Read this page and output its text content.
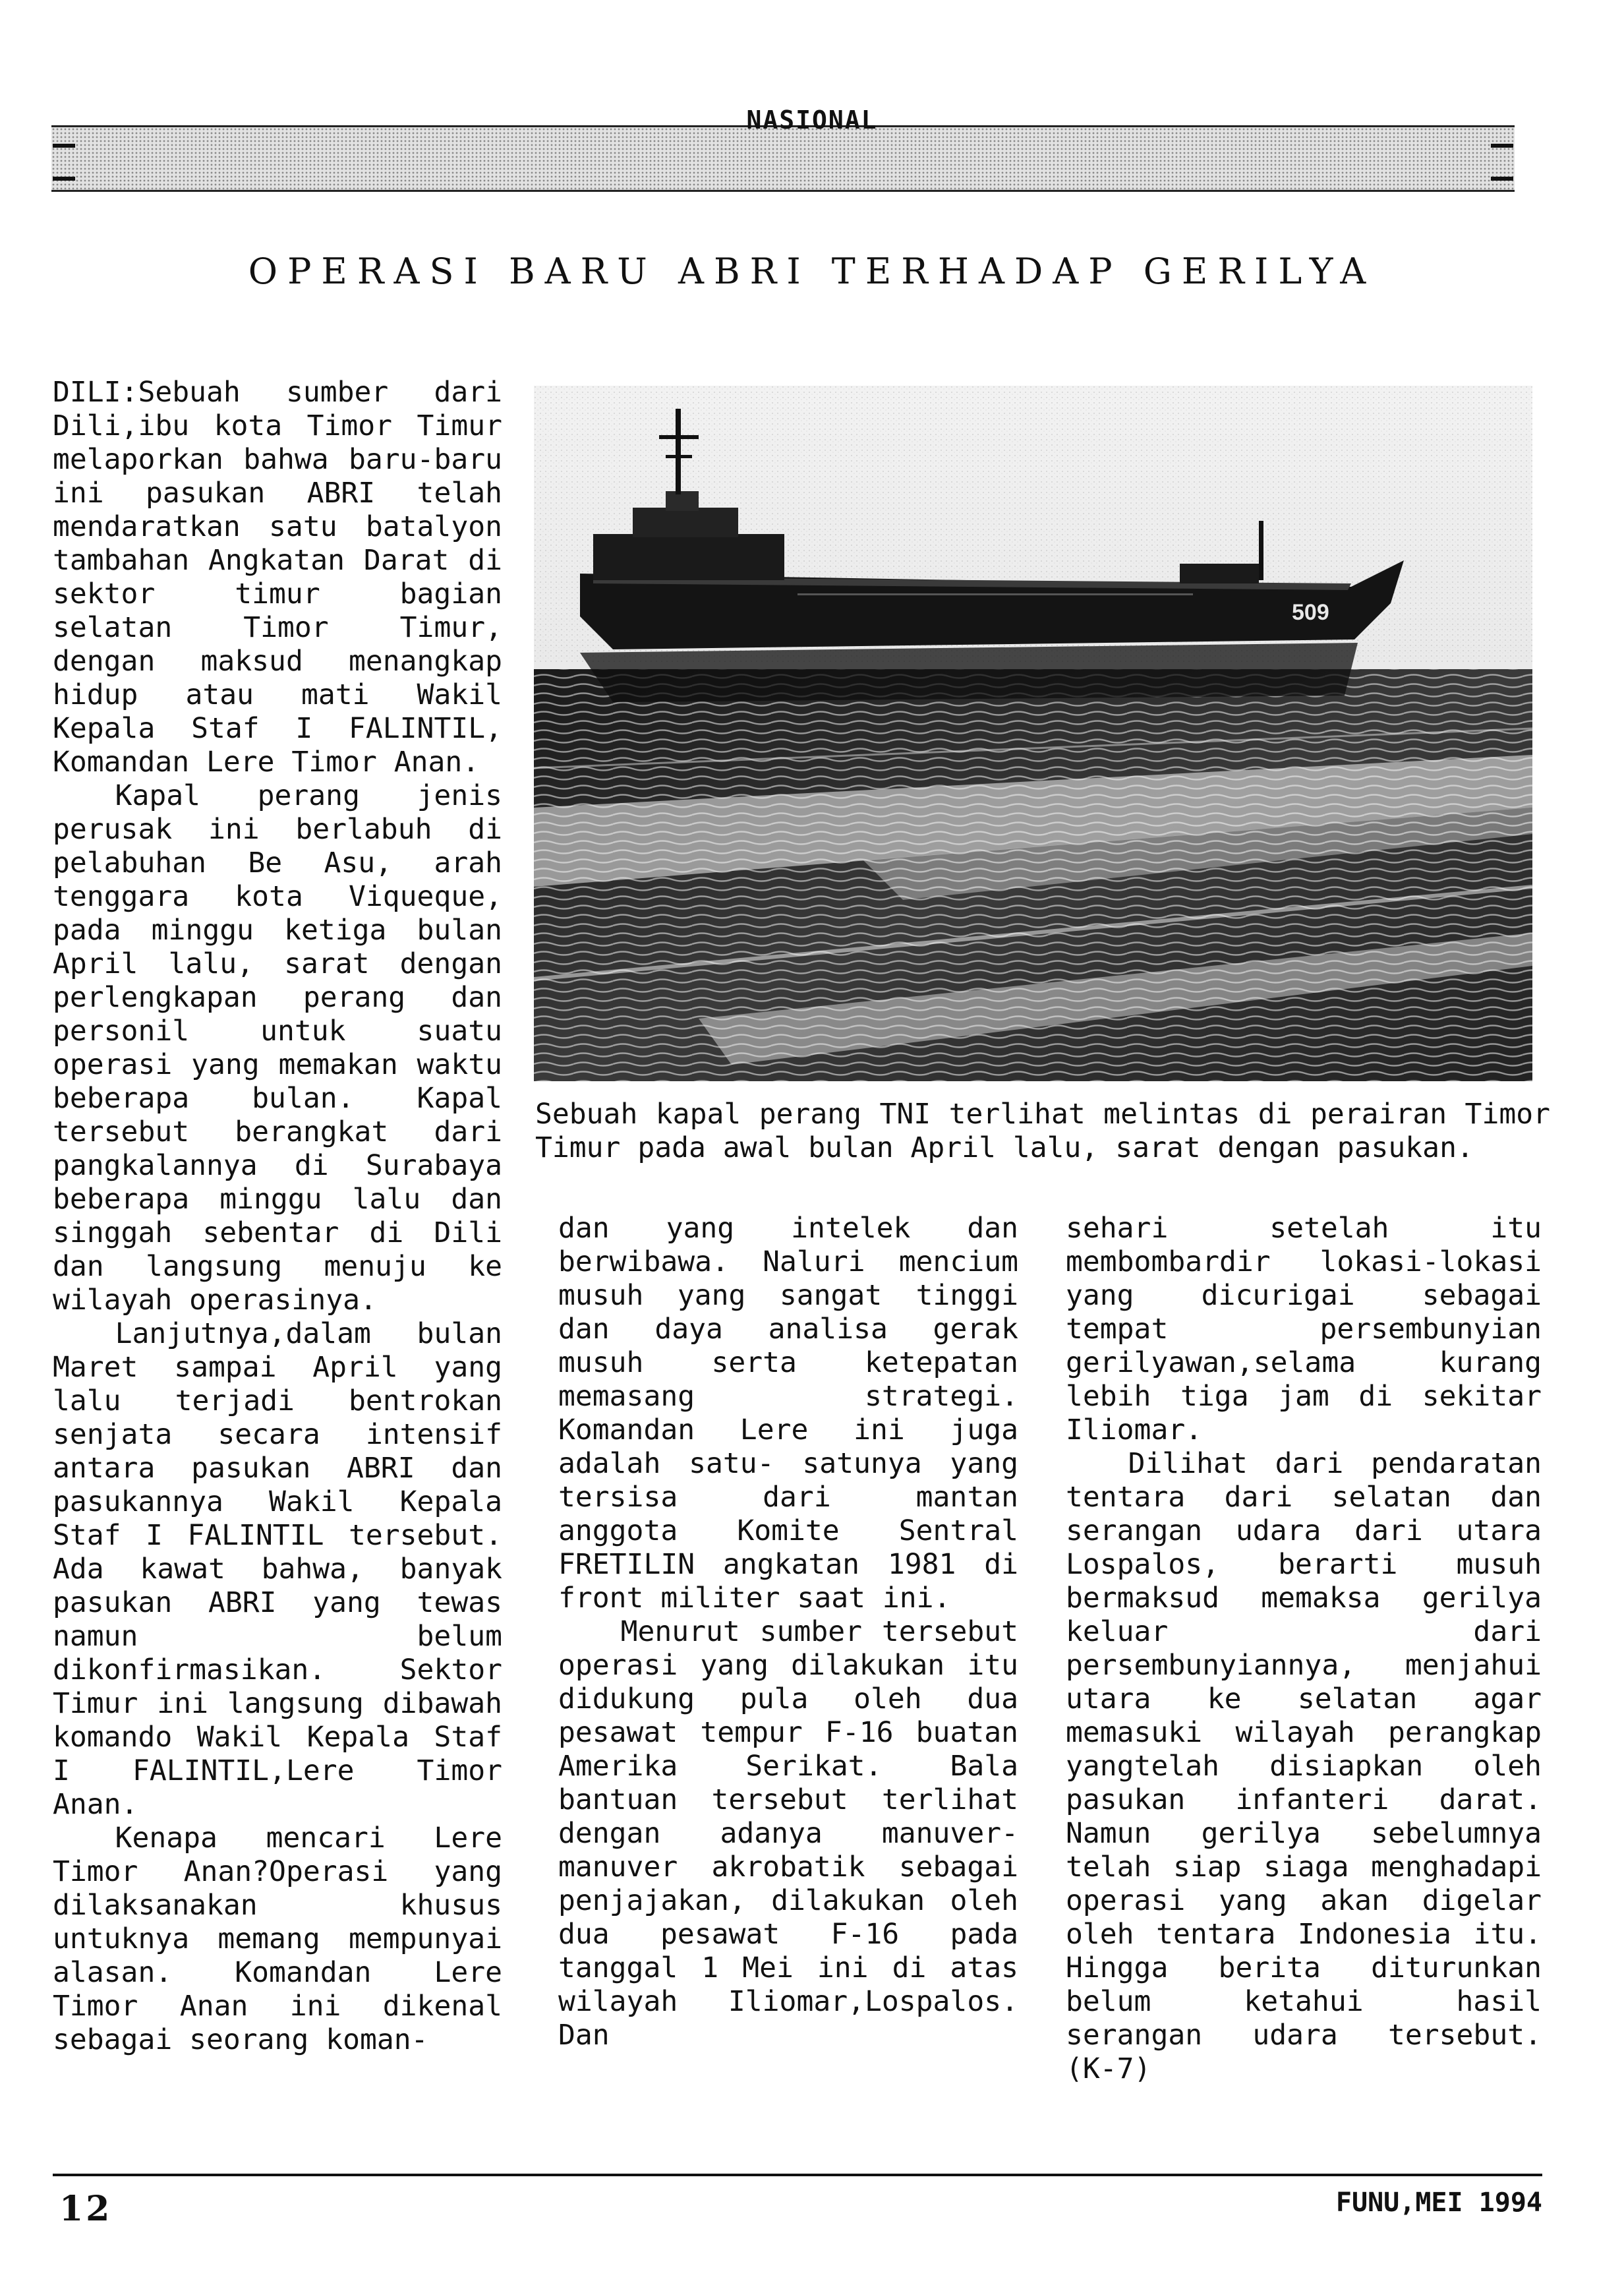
NASIONAL
OPERASI BARU ABRI TERHADAP GERILYA

DILI:Sebuah sumber dari Dili,ibu kota Timor Timur melaporkan bahwa baru-baru ini pasukan ABRI telah mendaratkan satu batalyon tambahan Angkatan Darat di sektor timur bagian selatan Timor Timur, dengan maksud menangkap hidup atau mati Wakil Kepala Staf I FALINTIL, Komandan Lere Timor Anan.

Kapal perang jenis perusak ini berlabuh di pelabuhan Be Asu, arah tenggara kota Viqueque, pada minggu ketiga bulan April lalu, sarat dengan perlengkapan perang dan personil untuk suatu operasi yang memakan waktu beberapa bulan. Kapal tersebut berangkat dari pangkalannya di Surabaya beberapa minggu lalu dan singgah sebentar di Dili dan langsung menuju ke wilayah operasinya.

Lanjutnya,dalam bulan Maret sampai April yang lalu terjadi bentrokan senjata secara intensif antara pasukan ABRI dan pasukannya Wakil Kepala Staf I FALINTIL tersebut. Ada kawat bahwa, banyak pasukan ABRI yang tewas namun belum dikonfirmasikan. Sektor Timur ini langsung dibawah komando Wakil Kepala Staf I FALINTIL,Lere Timor Anan.

Kenapa mencari Lere Timor Anan?Operasi yang dilaksanakan khusus untuknya memang mempunyai alasan. Komandan Lere Timor Anan ini dikenal sebagai seorang koman-

509
Sebuah kapal perang TNI terlihat melintas di perairan Timor Timur pada awal bulan April lalu, sarat dengan pasukan.

dan yang intelek dan berwibawa. Naluri mencium musuh yang sangat tinggi dan daya analisa gerak musuh serta ketepatan memasang strategi. Komandan Lere ini juga adalah satu- satunya yang tersisa dari mantan anggota Komite Sentral FRETILIN angkatan 1981 di front militer saat ini.

Menurut sumber tersebut operasi yang dilakukan itu didukung pula oleh dua pesawat tempur F-16 buatan Amerika Serikat. Bala bantuan tersebut terlihat dengan adanya manuver-manuver akrobatik sebagai penjajakan, dilakukan oleh dua pesawat F-16 pada tanggal 1 Mei ini di atas wilayah Iliomar,Lospalos. Dan

sehari setelah itu membombardir lokasi-lokasi yang dicurigai sebagai tempat persembunyian gerilyawan,selama kurang lebih tiga jam di sekitar Iliomar.

Dilihat dari pendaratan tentara dari selatan dan serangan udara dari utara Lospalos, berarti musuh bermaksud memaksa gerilya keluar dari persembunyiannya, menjahui utara ke selatan agar memasuki wilayah perangkap yangtelah disiapkan oleh pasukan infanteri darat. Namun gerilya sebelumnya telah siap siaga menghadapi operasi yang akan digelar oleh tentara Indonesia itu. Hingga berita diturunkan belum ketahui hasil serangan udara tersebut. (K-7)

12	FUNU,MEI 1994
